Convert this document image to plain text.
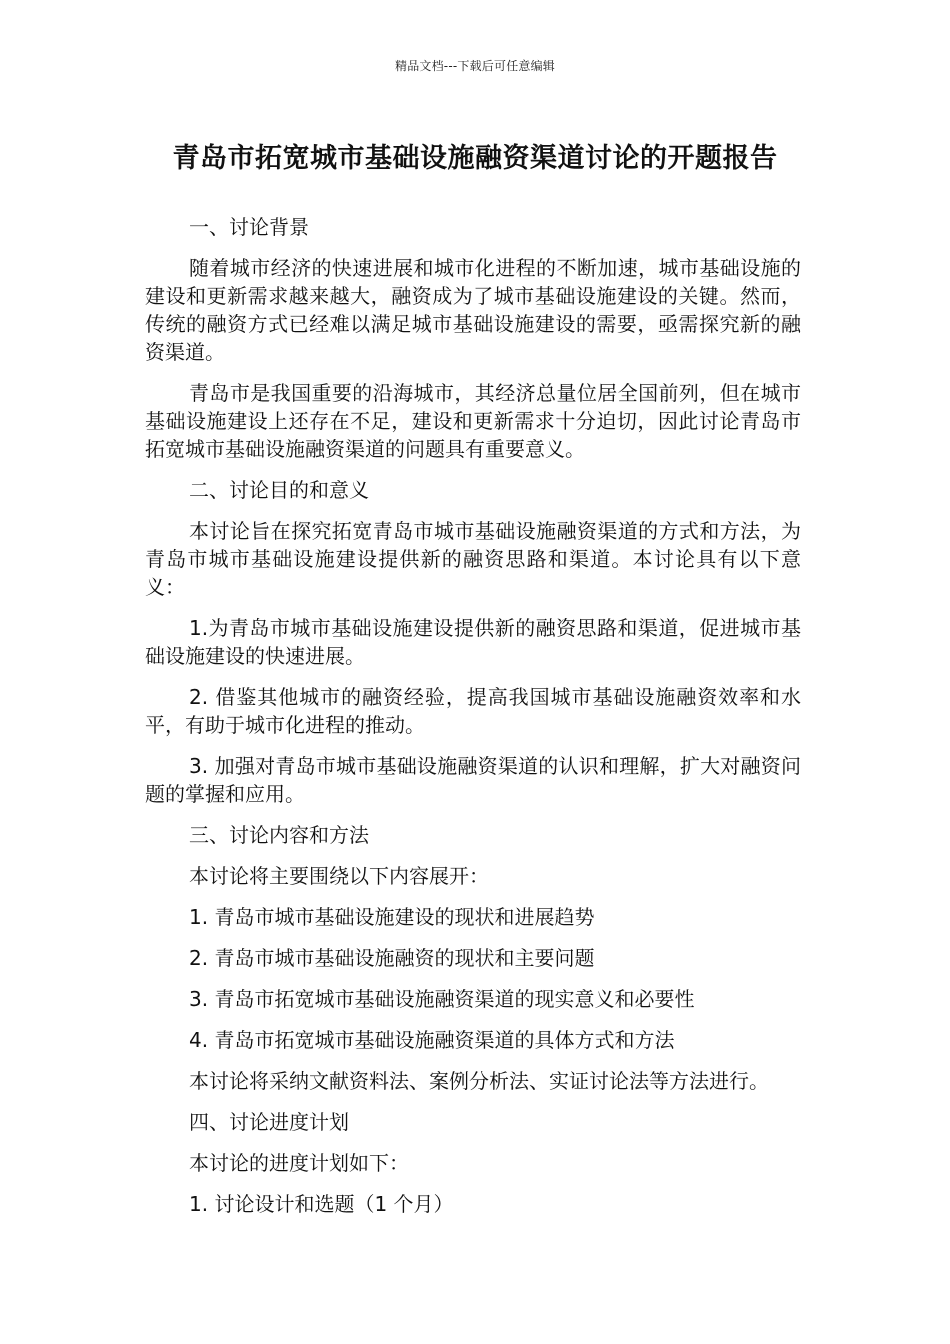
精品文档---下载后可任意编辑
青岛市拓宽城市基础设施融资渠道讨论的开题报告

一、讨论背景

随着城市经济的快速进展和城市化进程的不断加速，城市基础设施的建设和更新需求越来越大，融资成为了城市基础设施建设的关键。然而，传统的融资方式已经难以满足城市基础设施建设的需要，亟需探究新的融资渠道。

青岛市是我国重要的沿海城市，其经济总量位居全国前列，但在城市基础设施建设上还存在不足，建设和更新需求十分迫切，因此讨论青岛市拓宽城市基础设施融资渠道的问题具有重要意义。

二、讨论目的和意义

本讨论旨在探究拓宽青岛市城市基础设施融资渠道的方式和方法，为青岛市城市基础设施建设提供新的融资思路和渠道。本讨论具有以下意义：

1.为青岛市城市基础设施建设提供新的融资思路和渠道，促进城市基础设施建设的快速进展。

2. 借鉴其他城市的融资经验，提高我国城市基础设施融资效率和水平，有助于城市化进程的推动。

3. 加强对青岛市城市基础设施融资渠道的认识和理解，扩大对融资问题的掌握和应用。

三、讨论内容和方法

本讨论将主要围绕以下内容展开：

1. 青岛市城市基础设施建设的现状和进展趋势

2. 青岛市城市基础设施融资的现状和主要问题

3. 青岛市拓宽城市基础设施融资渠道的现实意义和必要性

4. 青岛市拓宽城市基础设施融资渠道的具体方式和方法

本讨论将采纳文献资料法、案例分析法、实证讨论法等方法进行。

四、讨论进度计划

本讨论的进度计划如下：

1. 讨论设计和选题（1 个月）
